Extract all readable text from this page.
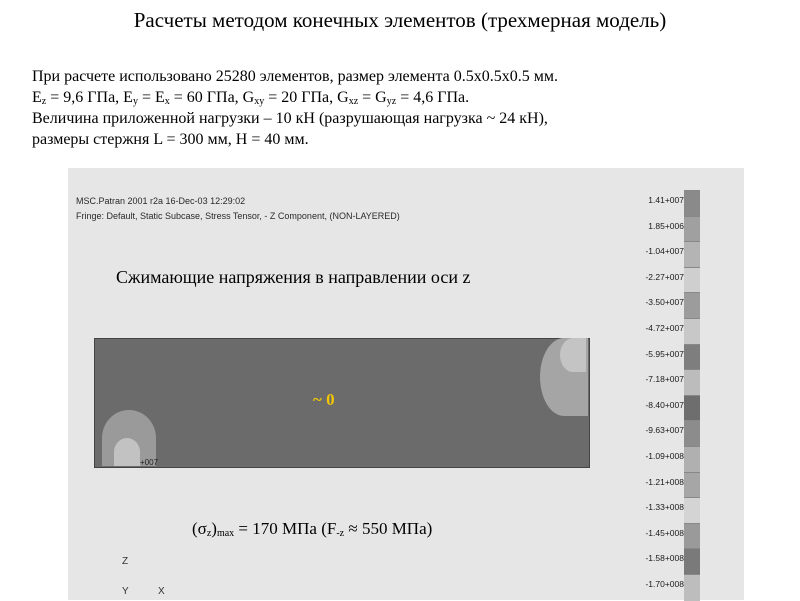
Расчеты методом конечных элементов (трехмерная модель)
При расчете использовано 25280 элементов, размер элемента 0.5х0.5х0.5 мм.
$E_z = 9,6$ ГПа, $E_y = E_x = 60$ ГПа, $G_{xy} = 20$ ГПа, $G_{xz} = G_{yz} = 4,6$ ГПа.
Величина приложенной нагрузки – 10 кН (разрушающая нагрузка ~ 24 кН),
размеры стержня L = 300 мм, H = 40 мм.
MSC.Patran 2001 r2a 16-Dec-03 12:29:02
Fringe: Default, Static Subcase, Stress Tensor, - Z Component, (NON-LAYERED)
1.41+007
1.85+006
-1.04+007
-2.27+007
-3.50+007
-4.72+007
-5.95+007
-7.18+007
-8.40+007
-9.63+007
-1.09+008
-1.21+008
-1.33+008
-1.45+008
-1.58+008
-1.70+008
Сжимающие напряжения в направлении оси z
+007
~ 0
$(\sigma_z)_{max} = 170$ МПа ($F_{-z} \approx 550$ МПа)
Z
Y	X
